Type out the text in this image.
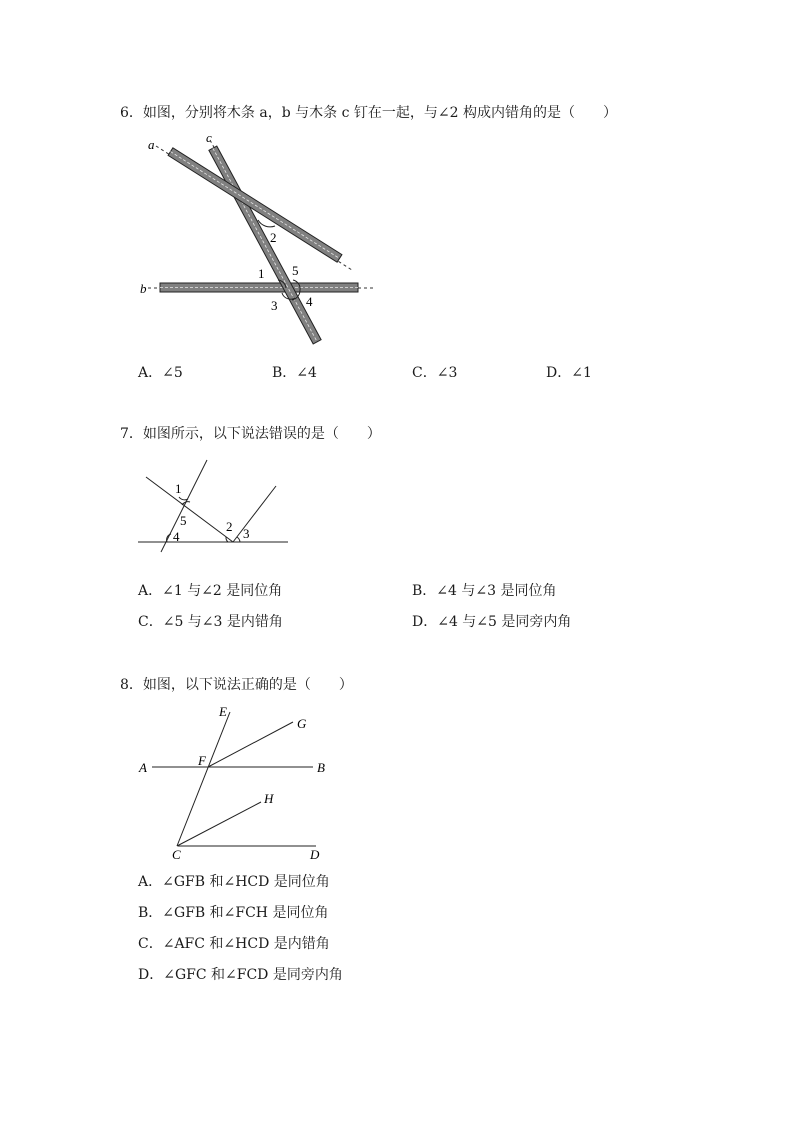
6．如图，分别将木条 a，b 与木条 c 钉在一起，与∠2 构成内错角的是（　　）
a	c
b
2
1 5
3 4
A．∠5	B．∠4	C．∠3	D．∠1
7．如图所示，以下说法错误的是（　　）
1
5
4
2 3
A．∠1 与∠2 是同位角	B．∠4 与∠3 是同位角
C．∠5 与∠3 是内错角	D．∠4 与∠5 是同旁内角
8．如图，以下说法正确的是（　　）
E
G
A	F	B
H
C	D
A．∠GFB 和∠HCD 是同位角
B．∠GFB 和∠FCH 是同位角
C．∠AFC 和∠HCD 是内错角
D．∠GFC 和∠FCD 是同旁内角
